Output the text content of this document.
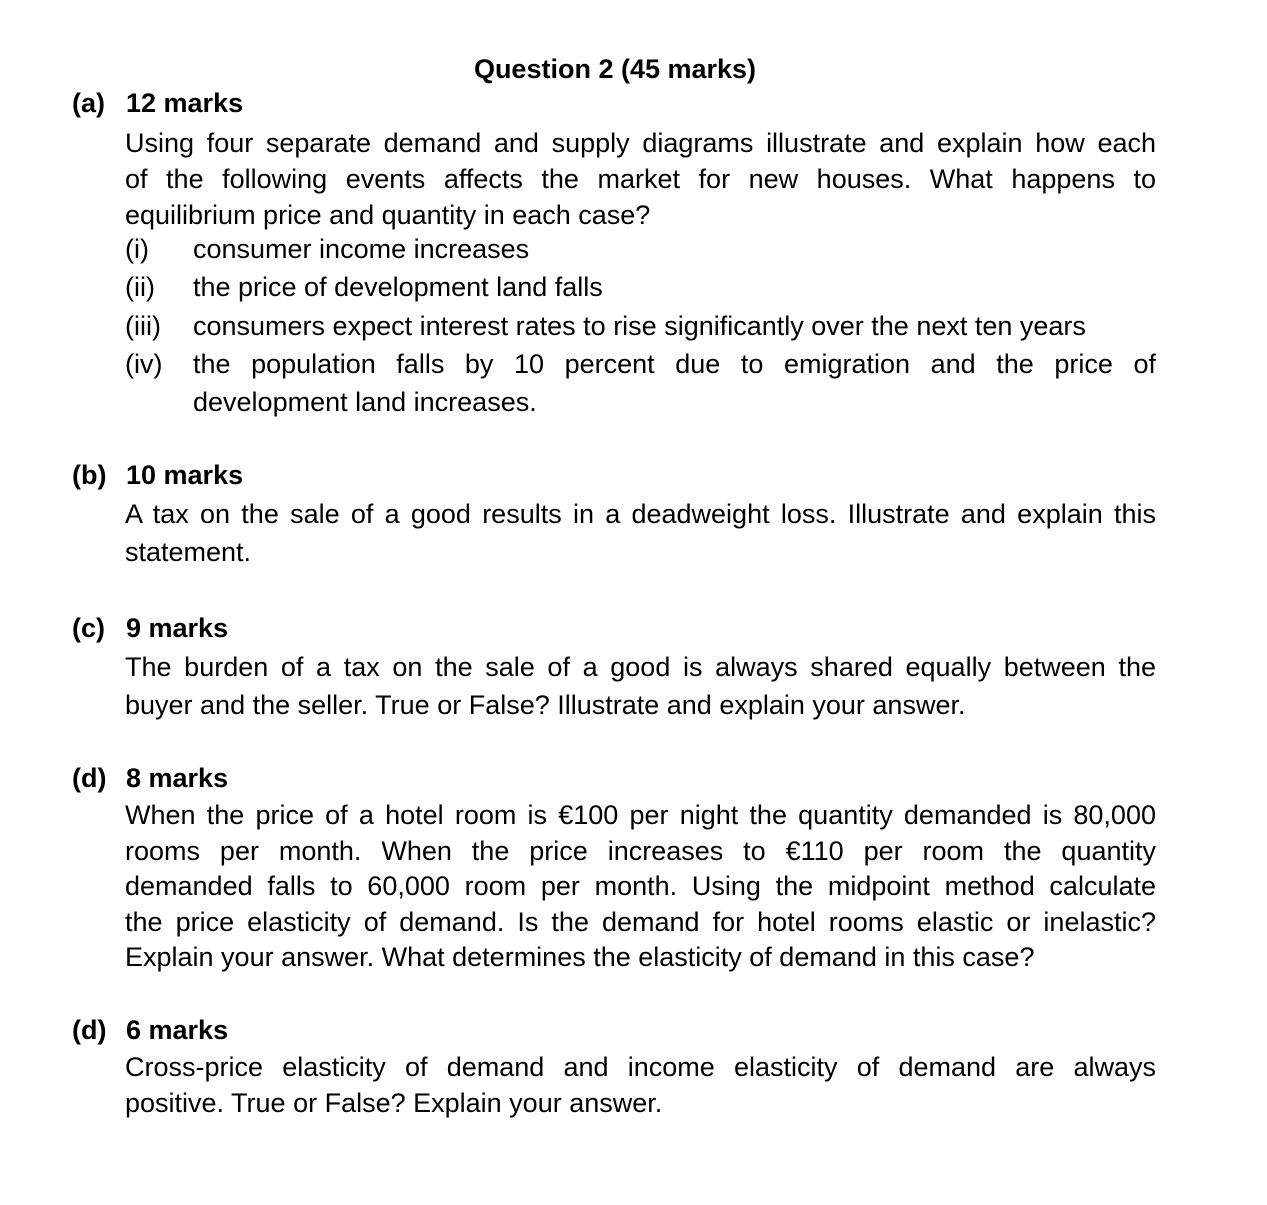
Question 2 (45 marks)
(a) 12 marks
Using four separate demand and supply diagrams illustrate and explain how each
of the following events affects the market for new houses. What happens to
equilibrium price and quantity in each case?
(i) consumer income increases
(ii) the price of development land falls
(iii) consumers expect interest rates to rise significantly over the next ten years
(iv) the population falls by 10 percent due to emigration and the price of
development land increases.
(b) 10 marks
A tax on the sale of a good results in a deadweight loss. Illustrate and explain this
statement.
(c) 9 marks
The burden of a tax on the sale of a good is always shared equally between the
buyer and the seller. True or False? Illustrate and explain your answer.
(d) 8 marks
When the price of a hotel room is €100 per night the quantity demanded is 80,000
rooms per month. When the price increases to €110 per room the quantity
demanded falls to 60,000 room per month. Using the midpoint method calculate
the price elasticity of demand. Is the demand for hotel rooms elastic or inelastic?
Explain your answer. What determines the elasticity of demand in this case?
(d) 6 marks
Cross-price elasticity of demand and income elasticity of demand are always
positive. True or False? Explain your answer.
